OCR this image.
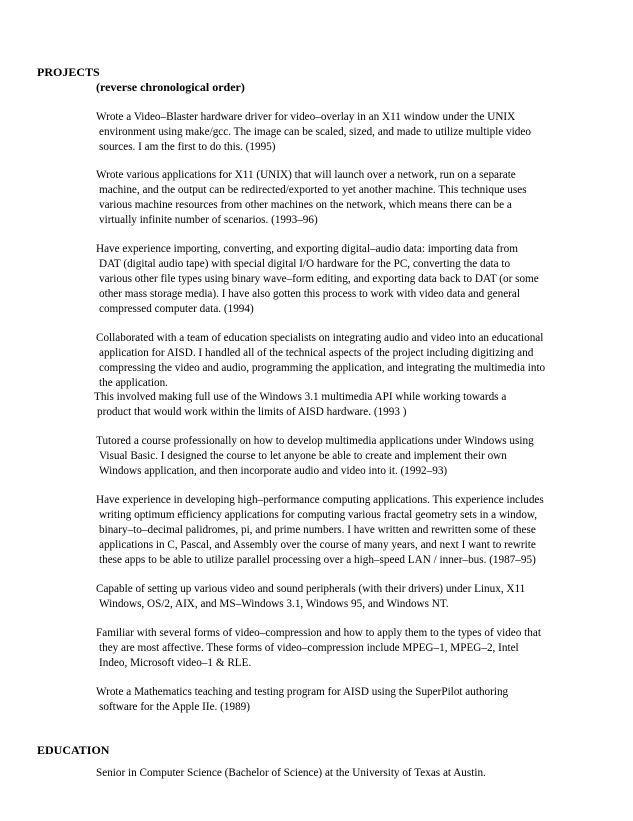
PROJECTS
(reverse chronological order)
Wrote a Video–Blaster hardware driver for video–overlay in an X11 window under the UNIX
environment using make/gcc. The image can be scaled, sized, and made to utilize multiple video
sources. I am the first to do this. (1995)
Wrote various applications for X11 (UNIX) that will launch over a network, run on a separate
machine, and the output can be redirected/exported to yet another machine. This technique uses
various machine resources from other machines on the network, which means there can be a
virtually infinite number of scenarios. (1993–96)
Have experience importing, converting, and exporting digital–audio data: importing data from
DAT (digital audio tape) with special digital I/O hardware for the PC, converting the data to
various other file types using binary wave–form editing, and exporting data back to DAT (or some
other mass storage media). I have also gotten this process to work with video data and general
compressed computer data. (1994)
Collaborated with a team of education specialists on integrating audio and video into an educational
application for AISD. I handled all of the technical aspects of the project including digitizing and
compressing the video and audio, programming the application, and integrating the multimedia into
the application.
This involved making full use of the Windows 3.1 multimedia API while working towards a
product that would work within the limits of AISD hardware. (1993 )
Tutored a course professionally on how to develop multimedia applications under Windows using
Visual Basic. I designed the course to let anyone be able to create and implement their own
Windows application, and then incorporate audio and video into it. (1992–93)
Have experience in developing high–performance computing applications. This experience includes
writing optimum efficiency applications for computing various fractal geometry sets in a window,
binary–to–decimal palidromes, pi, and prime numbers. I have written and rewritten some of these
applications in C, Pascal, and Assembly over the course of many years, and next I want to rewrite
these apps to be able to utilize parallel processing over a high–speed LAN / inner–bus. (1987–95)
Capable of setting up various video and sound peripherals (with their drivers) under Linux, X11
Windows, OS/2, AIX, and MS–Windows 3.1, Windows 95, and Windows NT.
Familiar with several forms of video–compression and how to apply them to the types of video that
they are most affective. These forms of video–compression include MPEG–1, MPEG–2, Intel
Indeo, Microsoft video–1 & RLE.
Wrote a Mathematics teaching and testing program for AISD using the SuperPilot authoring
software for the Apple IIe. (1989)
EDUCATION
Senior in Computer Science (Bachelor of Science) at the University of Texas at Austin.
